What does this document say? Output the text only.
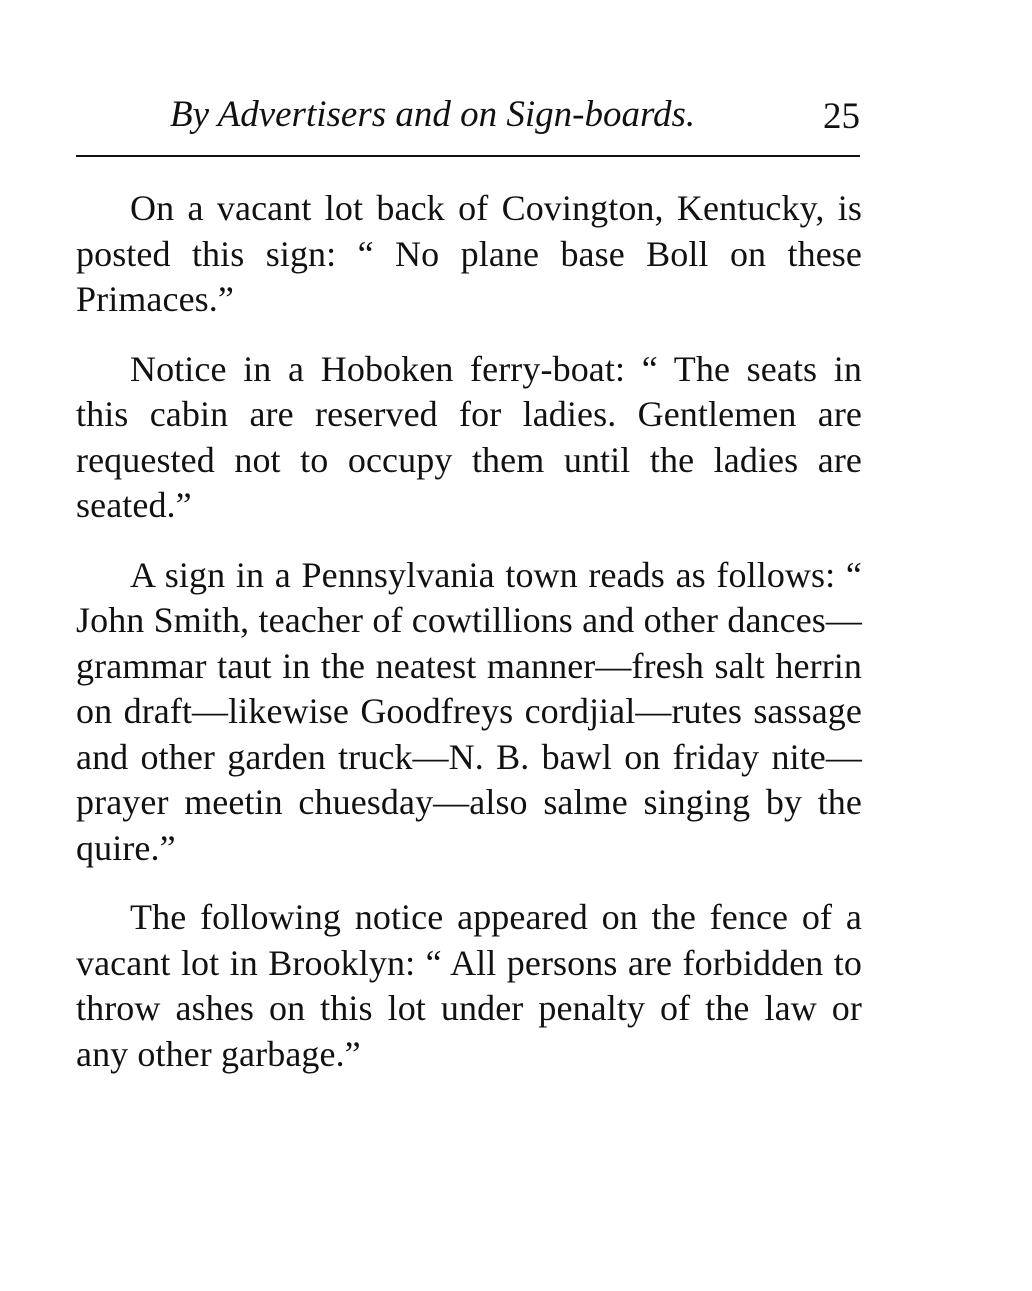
By Advertisers and on Sign-boards.	25

On a vacant lot back of Covington, Kentucky, is posted this sign: “ No plane base Boll on these Primaces.”

Notice in a Hoboken ferry-boat: “ The seats in this cabin are reserved for ladies. Gentlemen are requested not to occupy them until the ladies are seated.”

A sign in a Pennsylvania town reads as follows: “ John Smith, teacher of cowtillions and other dances—grammar taut in the neatest manner—fresh salt herrin on draft—likewise Goodfreys cordjial—rutes sassage and other garden truck—N. B. bawl on friday nite—prayer meetin chuesday—also salme singing by the quire.”

The following notice appeared on the fence of a vacant lot in Brooklyn: “ All persons are forbidden to throw ashes on this lot under penalty of the law or any other garbage.”
